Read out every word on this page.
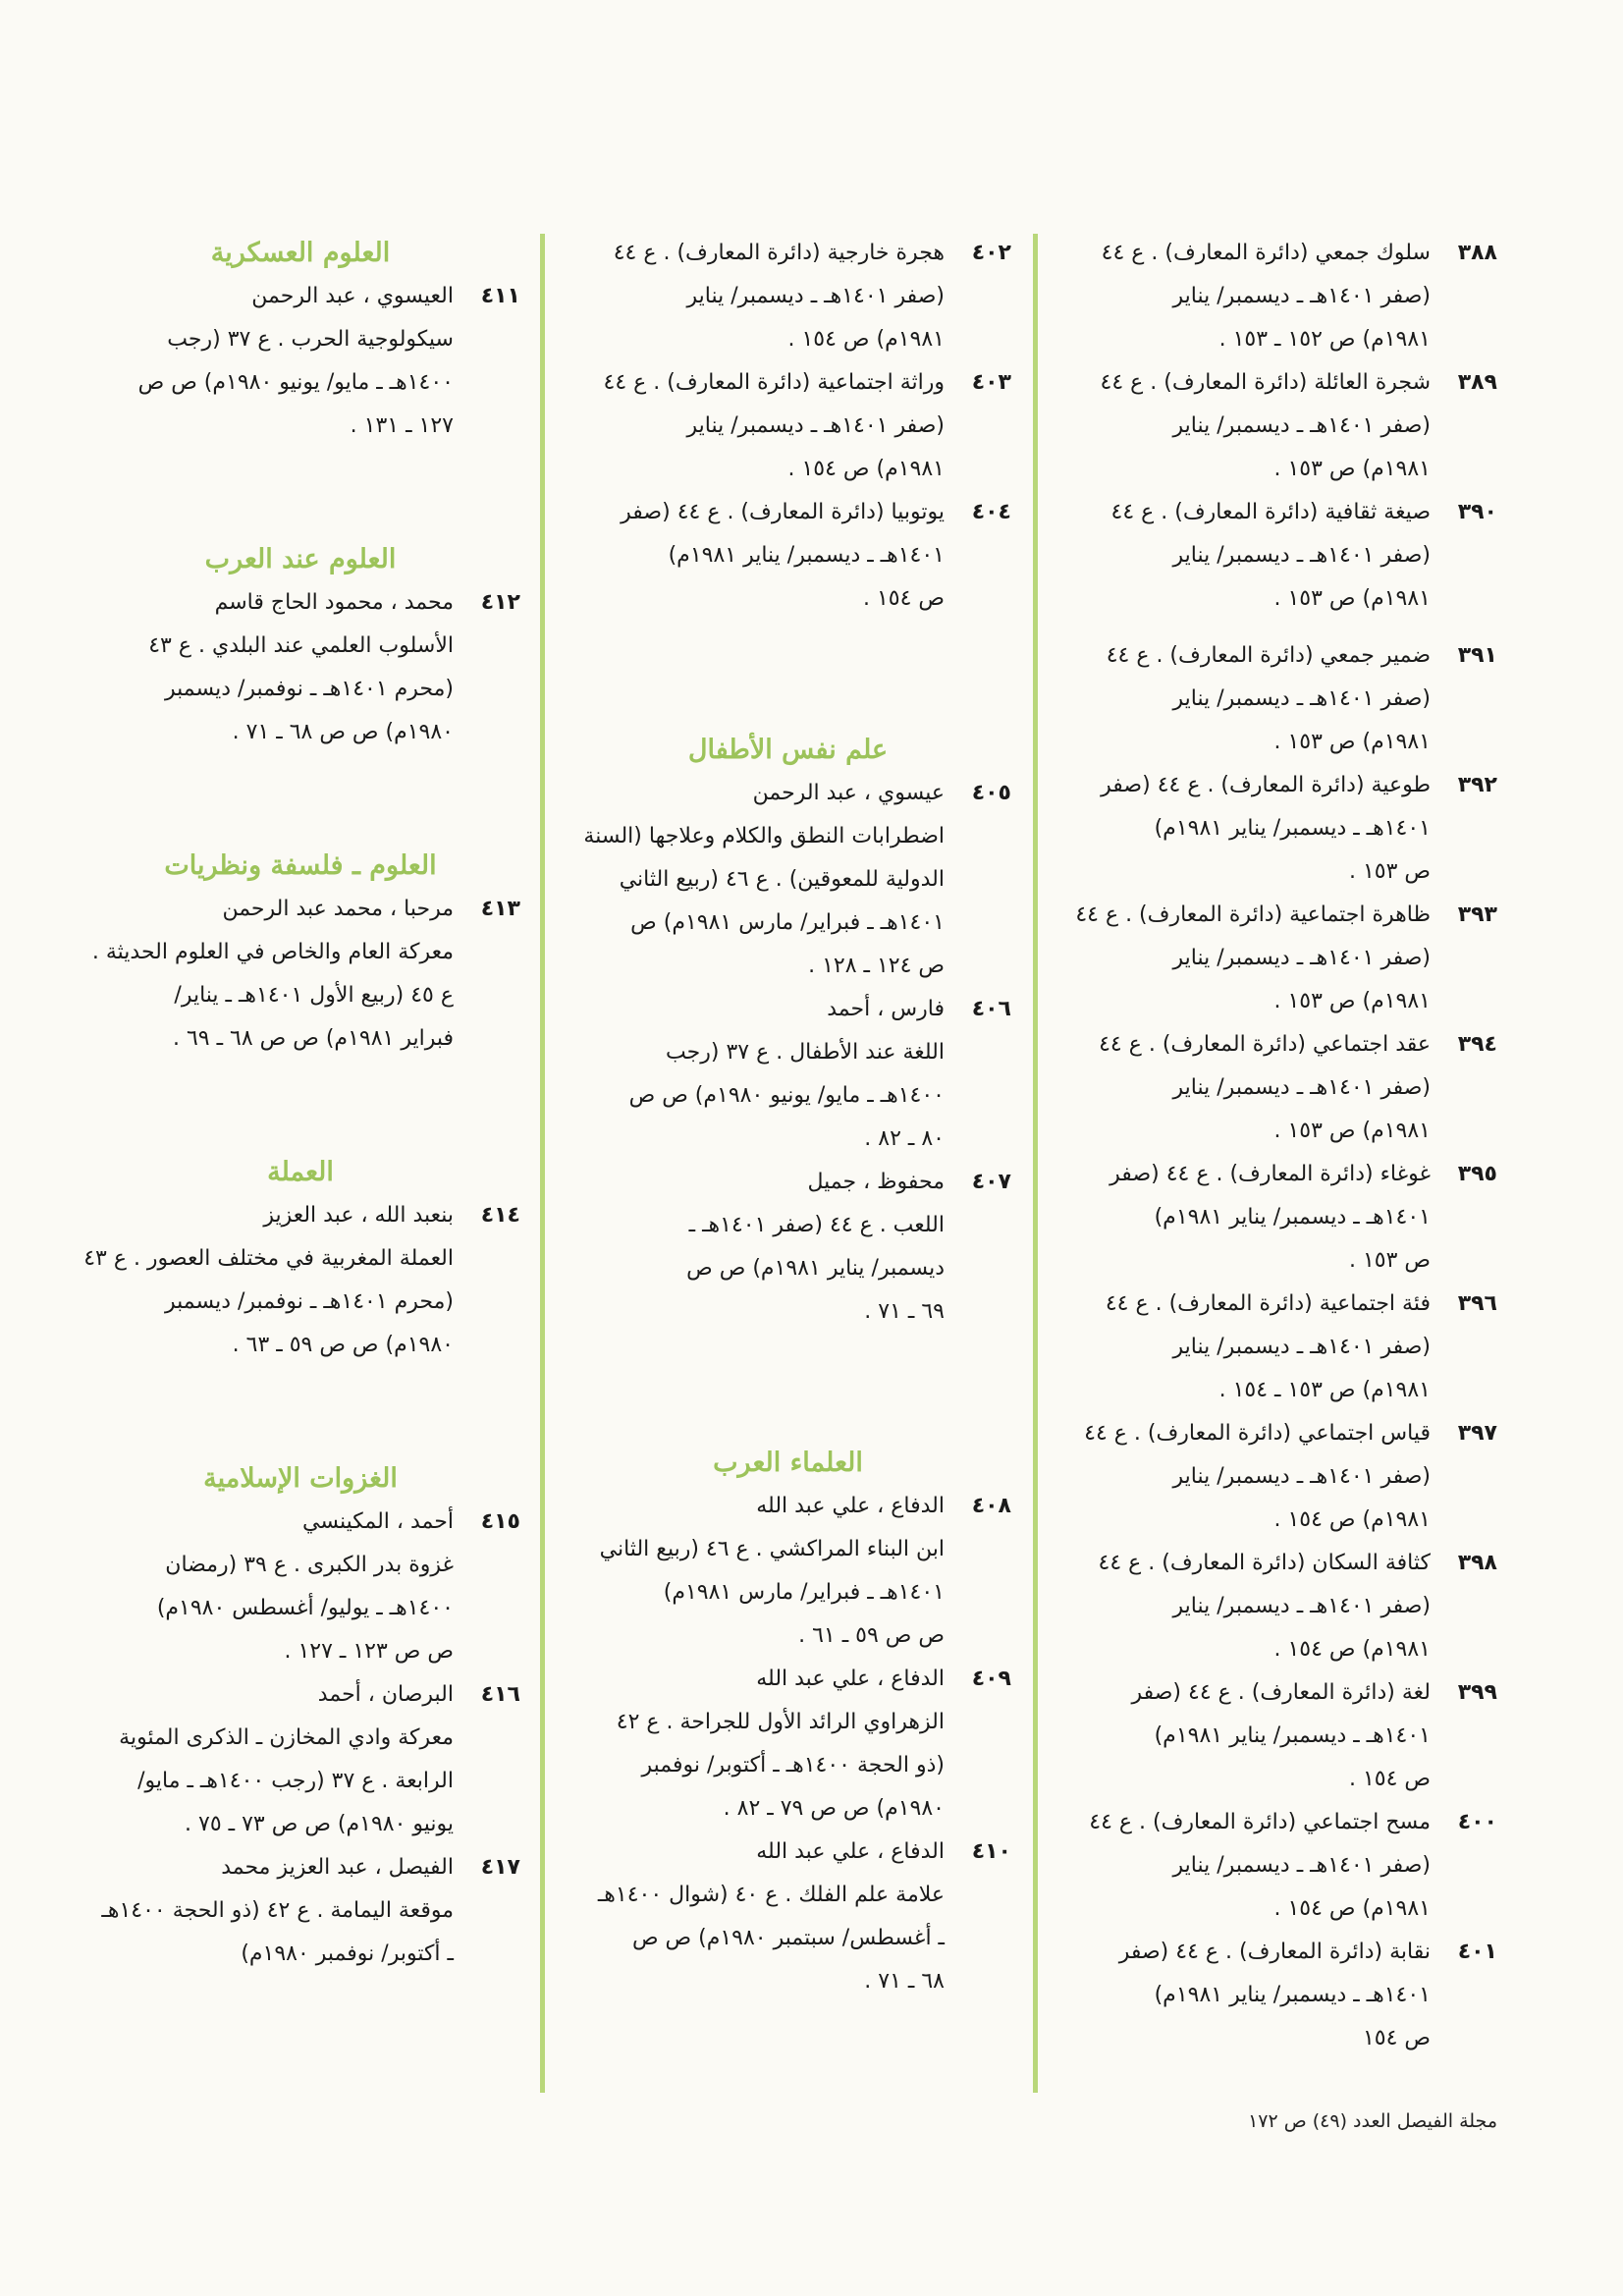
٣٨٨
سلوك جمعي (دائرة المعارف) . ع ٤٤
(صفر ١٤٠١هـ ـ ديسمبر/ يناير
١٩٨١م) ص ١٥٢ ـ ١٥٣ .
٣٨٩
شجرة العائلة (دائرة المعارف) . ع ٤٤
(صفر ١٤٠١هـ ـ ديسمبر/ يناير
١٩٨١م) ص ١٥٣ .
٣٩٠
صيغة ثقافية (دائرة المعارف) . ع ٤٤
(صفر ١٤٠١هـ ـ ديسمبر/ يناير
١٩٨١م) ص ١٥٣ .
٣٩١
ضمير جمعي (دائرة المعارف) . ع ٤٤
(صفر ١٤٠١هـ ـ ديسمبر/ يناير
١٩٨١م) ص ١٥٣ .
٣٩٢
طوعية (دائرة المعارف) . ع ٤٤ (صفر
١٤٠١هـ ـ ديسمبر/ يناير ١٩٨١م)
ص ١٥٣ .
٣٩٣
ظاهرة اجتماعية (دائرة المعارف) . ع ٤٤
(صفر ١٤٠١هـ ـ ديسمبر/ يناير
١٩٨١م) ص ١٥٣ .
٣٩٤
عقد اجتماعي (دائرة المعارف) . ع ٤٤
(صفر ١٤٠١هـ ـ ديسمبر/ يناير
١٩٨١م) ص ١٥٣ .
٣٩٥
غوغاء (دائرة المعارف) . ع ٤٤ (صفر
١٤٠١هـ ـ ديسمبر/ يناير ١٩٨١م)
ص ١٥٣ .
٣٩٦
فئة اجتماعية (دائرة المعارف) . ع ٤٤
(صفر ١٤٠١هـ ـ ديسمبر/ يناير
١٩٨١م) ص ١٥٣ ـ ١٥٤ .
٣٩٧
قياس اجتماعي (دائرة المعارف) . ع ٤٤
(صفر ١٤٠١هـ ـ ديسمبر/ يناير
١٩٨١م) ص ١٥٤ .
٣٩٨
كثافة السكان (دائرة المعارف) . ع ٤٤
(صفر ١٤٠١هـ ـ ديسمبر/ يناير
١٩٨١م) ص ١٥٤ .
٣٩٩
لغة (دائرة المعارف) . ع ٤٤ (صفر
١٤٠١هـ ـ ديسمبر/ يناير ١٩٨١م)
ص ١٥٤ .
٤٠٠
مسح اجتماعي (دائرة المعارف) . ع ٤٤
(صفر ١٤٠١هـ ـ ديسمبر/ يناير
١٩٨١م) ص ١٥٤ .
٤٠١
نقابة (دائرة المعارف) . ع ٤٤ (صفر
١٤٠١هـ ـ ديسمبر/ يناير ١٩٨١م)
ص ١٥٤
٤٠٢
هجرة خارجية (دائرة المعارف) . ع ٤٤
(صفر ١٤٠١هـ ـ ديسمبر/ يناير
١٩٨١م) ص ١٥٤ .
٤٠٣
وراثة اجتماعية (دائرة المعارف) . ع ٤٤
(صفر ١٤٠١هـ ـ ديسمبر/ يناير
١٩٨١م) ص ١٥٤ .
٤٠٤
يوتوبيا (دائرة المعارف) . ع ٤٤ (صفر
١٤٠١هـ ـ ديسمبر/ يناير ١٩٨١م)
ص ١٥٤ .
علم نفس الأطفال
٤٠٥
عيسوي ، عبد الرحمن
اضطرابات النطق والكلام وعلاجها (السنة
الدولية للمعوقين) . ع ٤٦ (ربيع الثاني
١٤٠١هـ ـ فبراير/ مارس ١٩٨١م) ص
ص ١٢٤ ـ ١٢٨ .
٤٠٦
فارس ، أحمد
اللغة عند الأطفال . ع ٣٧ (رجب
١٤٠٠هـ ـ مايو/ يونيو ١٩٨٠م) ص ص
٨٠ ـ ٨٢ .
٤٠٧
محفوظ ، جميل
اللعب . ع ٤٤ (صفر ١٤٠١هـ ـ
ديسمبر/ يناير ١٩٨١م) ص ص
٦٩ ـ ٧١ .
العلماء العرب
٤٠٨
الدفاع ، علي عبد الله
ابن البناء المراكشي . ع ٤٦ (ربيع الثاني
١٤٠١هـ ـ فبراير/ مارس ١٩٨١م)
ص ص ٥٩ ـ ٦١ .
٤٠٩
الدفاع ، علي عبد الله
الزهراوي الرائد الأول للجراحة . ع ٤٢
(ذو الحجة ١٤٠٠هـ ـ أكتوبر/ نوفمبر
١٩٨٠م) ص ص ٧٩ ـ ٨٢ .
٤١٠
الدفاع ، علي عبد الله
علامة علم الفلك . ع ٤٠ (شوال ١٤٠٠هـ
ـ أغسطس/ سبتمبر ١٩٨٠م) ص ص
٦٨ ـ ٧١ .
العلوم العسكرية
٤١١
العيسوي ، عبد الرحمن
سيكولوجية الحرب . ع ٣٧ (رجب
١٤٠٠هـ ـ مايو/ يونيو ١٩٨٠م) ص ص
١٢٧ ـ ١٣١ .
العلوم عند العرب
٤١٢
محمد ، محمود الحاج قاسم
الأسلوب العلمي عند البلدي . ع ٤٣
(محرم ١٤٠١هـ ـ نوفمبر/ ديسمبر
١٩٨٠م) ص ص ٦٨ ـ ٧١ .
العلوم ـ فلسفة ونظريات
٤١٣
مرحبا ، محمد عبد الرحمن
معركة العام والخاص في العلوم الحديثة .
ع ٤٥ (ربيع الأول ١٤٠١هـ ـ يناير/
فبراير ١٩٨١م) ص ص ٦٨ ـ ٦٩ .
العملة
٤١٤
بنعبد الله ، عبد العزيز
العملة المغربية في مختلف العصور . ع ٤٣
(محرم ١٤٠١هـ ـ نوفمبر/ ديسمبر
١٩٨٠م) ص ص ٥٩ ـ ٦٣ .
الغزوات الإسلامية
٤١٥
أحمد ، المكينسي
غزوة بدر الكبرى . ع ٣٩ (رمضان
١٤٠٠هـ ـ يوليو/ أغسطس ١٩٨٠م)
ص ص ١٢٣ ـ ١٢٧ .
٤١٦
البرصان ، أحمد
معركة وادي المخازن ـ الذكرى المئوية
الرابعة . ع ٣٧ (رجب ١٤٠٠هـ ـ مايو/
يونيو ١٩٨٠م) ص ص ٧٣ ـ ٧٥ .
٤١٧
الفيصل ، عبد العزيز محمد
موقعة اليمامة . ع ٤٢ (ذو الحجة ١٤٠٠هـ
ـ أكتوبر/ نوفمبر ١٩٨٠م)
مجلة الفيصل العدد (٤٩) ص ١٧٢
